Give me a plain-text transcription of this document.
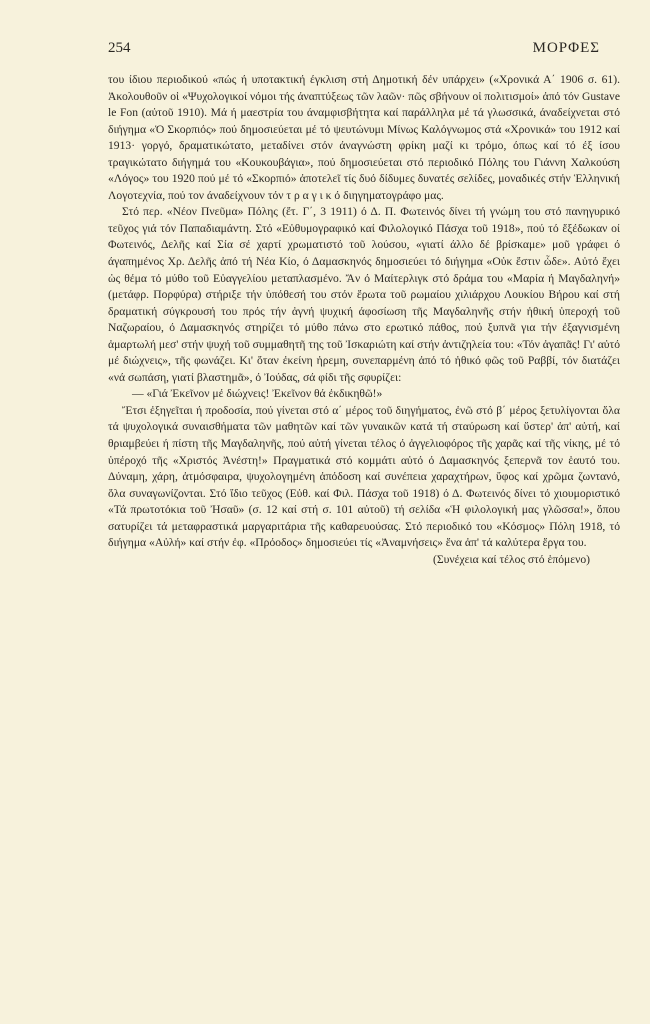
254	ΜΟΡΦΕΣ

του ίδιου περιοδικού «πώς ή υποτακτική έγκλιση στή Δημοτική δέν υπάρχει» («Χρονικά Α΄ 1906 σ. 61). Ἀκολουθοῦν οἱ «Ψυχολογικοί νόμοι τής άναπτύξεως τῶν λαῶν· πῶς σβήνουν οἱ πολιτισμοί» ἀπό τόν Gustave le Fon (αὐτοῦ 1910). Μά ή μαεστρία του άναμφισβήτητα καί παράλληλα μέ τά γλωσσικά, άναδείχνεται στό διήγημα «Ὁ Σκορπιός» πού δημοσιεύεται μέ τό ψευτώνυμι Μίνως Καλόγνωμος στά «Χρονικά» του 1912 καί 1913· γοργό, δραματικώτατο, μεταδίνει στόν άναγνώστη φρίκη μαζί κι τρόμο, όπως καί τό έξ ίσου τραγικώτατο διήγημά του «Κουκουβάγια», πού δημοσιεύεται στό περιοδικό Πόλης του Γιάννη Χαλκούση «Λόγος» του 1920 πού μέ τό «Σκορπιό» ἀποτελεῖ τίς δυό δίδυμες δυνατές σελίδες, μοναδικές στήν Ἑλληνική Λογοτεχνία, πού τον άναδείχνουν τόν τ ρ α γ ι κ ό διηγηματογράφο μας.

Στό περ. «Νέον Πνεῦμα» Πόλης (ἔτ. Γ΄, 3 1911) ό Δ. Π. Φωτεινός δίνει τή γνώμη του στό πανηγυρικό τεῦχος γιά τόν Παπαδιαμάντη. Στό «Εὐθυμογραφικό καί Φιλολογικό Πάσχα τοῦ 1918», πού τό ἔξέδωκαν οί Φωτεινός, Δελῆς καί Σία σέ χαρτί χρωματιστό τοῦ λούσου, «γιατί άλλο δέ βρίσκαμε» μοῦ γράφει ό άγαπημένος Χρ. Δελῆς ἀπό τή Νέα Κίο, ό Δαμασκηνός δημοσιεύει τό διήγημα «Οὐκ ἔστιν ὧδε». Αὐτό ἔχει ὡς θέμα τό μύθο τοῦ Εὐαγγελίου μεταπλασμένο. Ἄν ό Μαίτερλιγκ στό δράμα του «Μαρία ή Μαγδαληνή» (μετάφρ. Πορφύρα) στήριξε τήν ὑπόθεσή του στόν ἔρωτα τοῦ ρωμαίου χιλιάρχου Λουκίου Βήρου καί στή δραματική σύγκρουσή του πρός τήν ἁγνή ψυχική άφοσίωση τῆς Μαγδαληνῆς στήν ἠθική ὑπεροχή τοῦ Ναζωραίου, ό Δαμασκηνός στηρίζει τό μύθο πάνω στο ερωτικό πάθος, πού ξυπνᾶ για τήν ἐξαγνισμένη ἁμαρτωλή μεσ' στήν ψυχή τοῦ συμμαθητῆ της τοῦ Ἰσκαριώτη καί στήν ἀντιζηλεία του: «Τόν ἀγαπᾶς! Γι' αὐτό μέ διώχνεις», τῆς φωνάζει. Κι' ὅταν ἐκείνη ἠρεμη, συνεπαρμένη ἀπό τό ἠθικό φῶς τοῦ Ραββί, τόν διατάζει «νά σωπάση, γιατί βλαστημᾶ», ό Ἰούδας, σά φίδι τῆς σφυρίζει:

— «Γιά Ἐκεῖνον μέ διώχνεις! Ἐκεῖνον θά ἐκδικηθῶ!»

Ἔτσι ἐξηγεῖται ή προδοσία, πού γίνεται στό α΄ μέρος τοῦ διηγήματος, ἐνῶ στό β΄ μέρος ξετυλίγονται ὅλα τά ψυχολογικά συναισθήματα τῶν μαθητῶν καί τῶν γυναικῶν κατά τή σταύρωση καί ὕστερ' ἀπ' αὐτή, καί θριαμβεύει ή πίστη τῆς Μαγδαληνῆς, πού αὐτή γίνεται τέλος ό ἀγγελιοφόρος τῆς χαρᾶς καί τῆς νίκης, μέ τό ὑπέροχό τῆς «Χριστός Ἀνέστη!» Πραγματικά στό κομμάτι αὐτό ό Δαμασκηνός ξεπερνᾶ τον ἑαυτό του. Δύναμη, χάρη, ἀτμόσφαιρα, ψυχολογημένη ἀπόδοση καί συνέπεια χαραχτήρων, ὕφος καί χρῶμα ζωντανό, ὅλα συναγωνίζονται. Στό ἴδιο τεῦχος (Εὐθ. καί Φιλ. Πάσχα τοῦ 1918) ό Δ. Φωτεινός δίνει τό χιουμοριστικό «Τά πρωτοτόκια τοῦ Ἠσαῦ» (σ. 12 καί στή σ. 101 αὐτοῦ) τή σελίδα «Ἡ φιλολογική μας γλῶσσα!», ὅπου σατυρίζει τά μεταφραστικά μαργαριτάρια τῆς καθαρευούσας. Στό περιοδικό του «Κόσμος» Πόλη 1918, τό διήγημα «Αὐλή» καί στήν ἐφ. «Πρόοδος» δημοσιεύει τίς «Ἀναμνήσεις» ἕνα ἀπ' τά καλύτερα ἔργα του.

(Συνέχεια καί τέλος στό ἑπόμενο)
